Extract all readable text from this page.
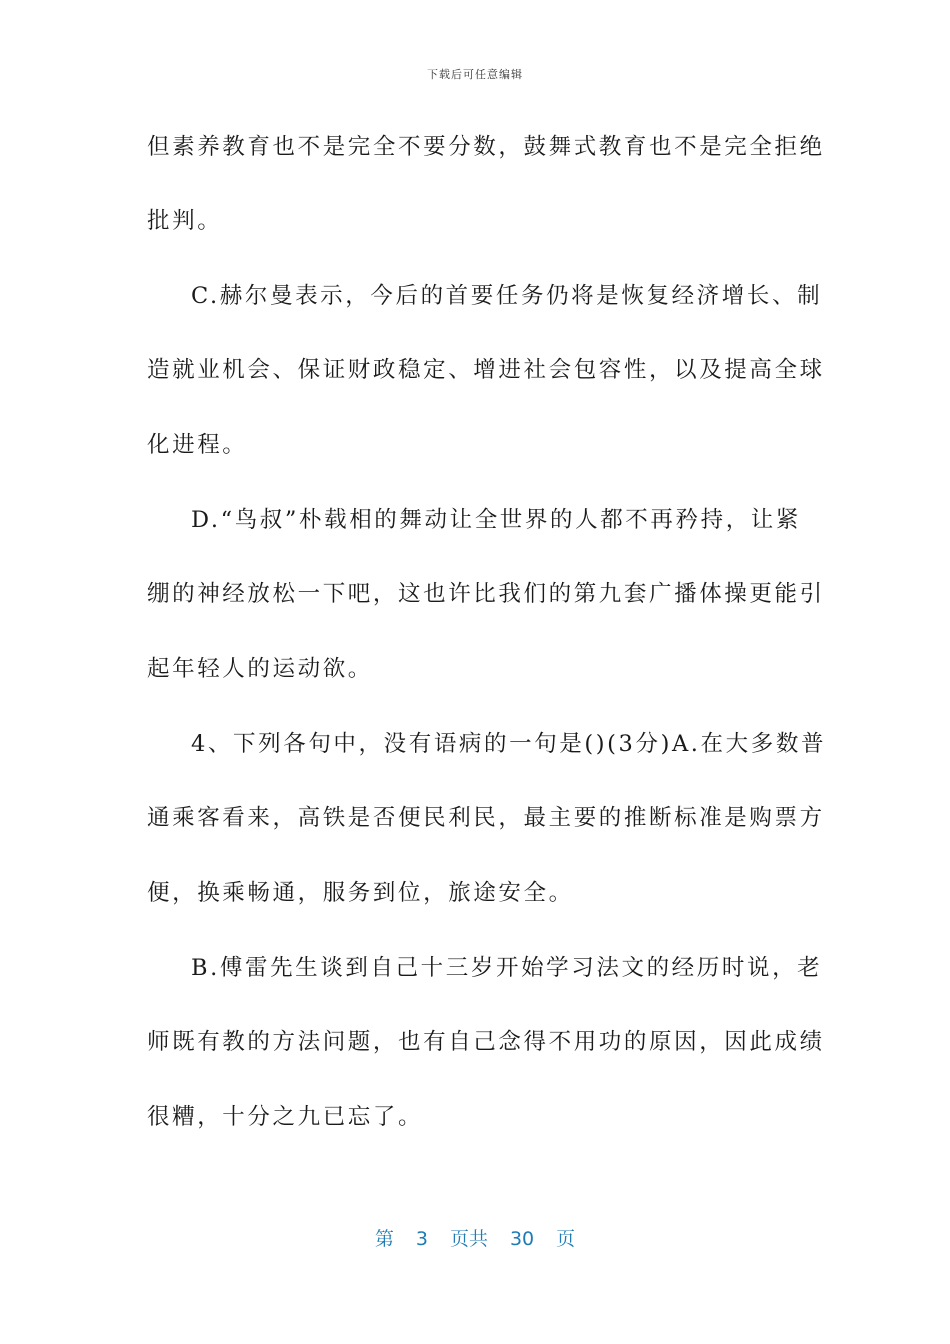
下载后可任意编辑
但素养教育也不是完全不要分数，鼓舞式教育也不是完全拒绝
批判。
C.赫尔曼表示，今后的首要任务仍将是恢复经济增长、制
造就业机会、保证财政稳定、增进社会包容性，以及提高全球
化进程。
D.“鸟叔”朴载相的舞动让全世界的人都不再矜持，让紧
绷的神经放松一下吧，这也许比我们的第九套广播体操更能引
起年轻人的运动欲。
4、下列各句中，没有语病的一句是()(3分)A.在大多数普
通乘客看来，高铁是否便民利民，最主要的推断标准是购票方
便，换乘畅通，服务到位，旅途安全。
B.傅雷先生谈到自己十三岁开始学习法文的经历时说，老
师既有教的方法问题，也有自己念得不用功的原因，因此成绩
很糟，十分之九已忘了。
第 3 页共 30 页
